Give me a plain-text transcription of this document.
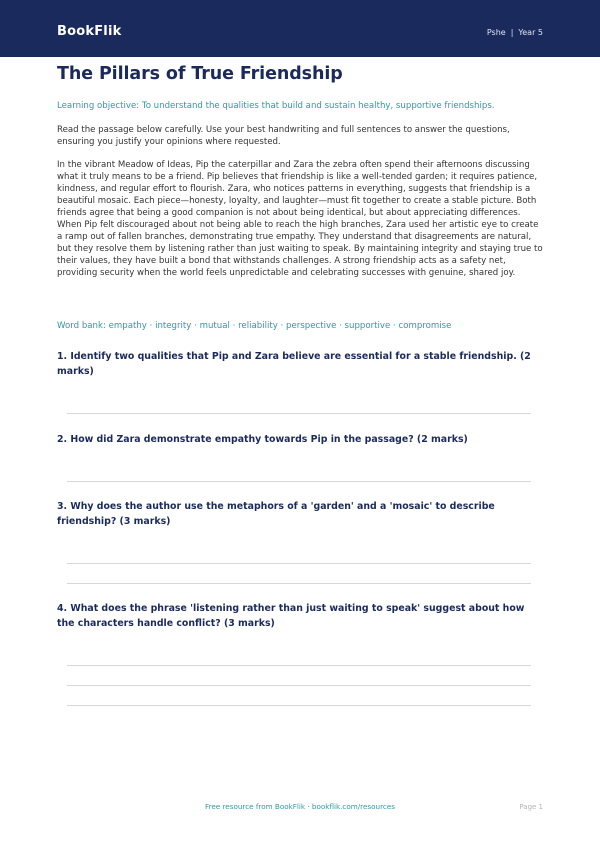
BookFlik	Pshe | Year 5
The Pillars of True Friendship
Learning objective: To understand the qualities that build and sustain healthy, supportive friendships.
Read the passage below carefully. Use your best handwriting and full sentences to answer the questions, ensuring you justify your opinions where requested.
In the vibrant Meadow of Ideas, Pip the caterpillar and Zara the zebra often spend their afternoons discussing what it truly means to be a friend. Pip believes that friendship is like a well-tended garden; it requires patience, kindness, and regular effort to flourish. Zara, who notices patterns in everything, suggests that friendship is a beautiful mosaic. Each piece—honesty, loyalty, and laughter—must fit together to create a stable picture. Both friends agree that being a good companion is not about being identical, but about appreciating differences. When Pip felt discouraged about not being able to reach the high branches, Zara used her artistic eye to create a ramp out of fallen branches, demonstrating true empathy. They understand that disagreements are natural, but they resolve them by listening rather than just waiting to speak. By maintaining integrity and staying true to their values, they have built a bond that withstands challenges. A strong friendship acts as a safety net, providing security when the world feels unpredictable and celebrating successes with genuine, shared joy.
Word bank: empathy · integrity · mutual · reliability · perspective · supportive · compromise
1. Identify two qualities that Pip and Zara believe are essential for a stable friendship. (2 marks)
2. How did Zara demonstrate empathy towards Pip in the passage? (2 marks)
3. Why does the author use the metaphors of a 'garden' and a 'mosaic' to describe friendship? (3 marks)
4. What does the phrase 'listening rather than just waiting to speak' suggest about how the characters handle conflict? (3 marks)
Free resource from BookFlik · bookflik.com/resources	Page 1
